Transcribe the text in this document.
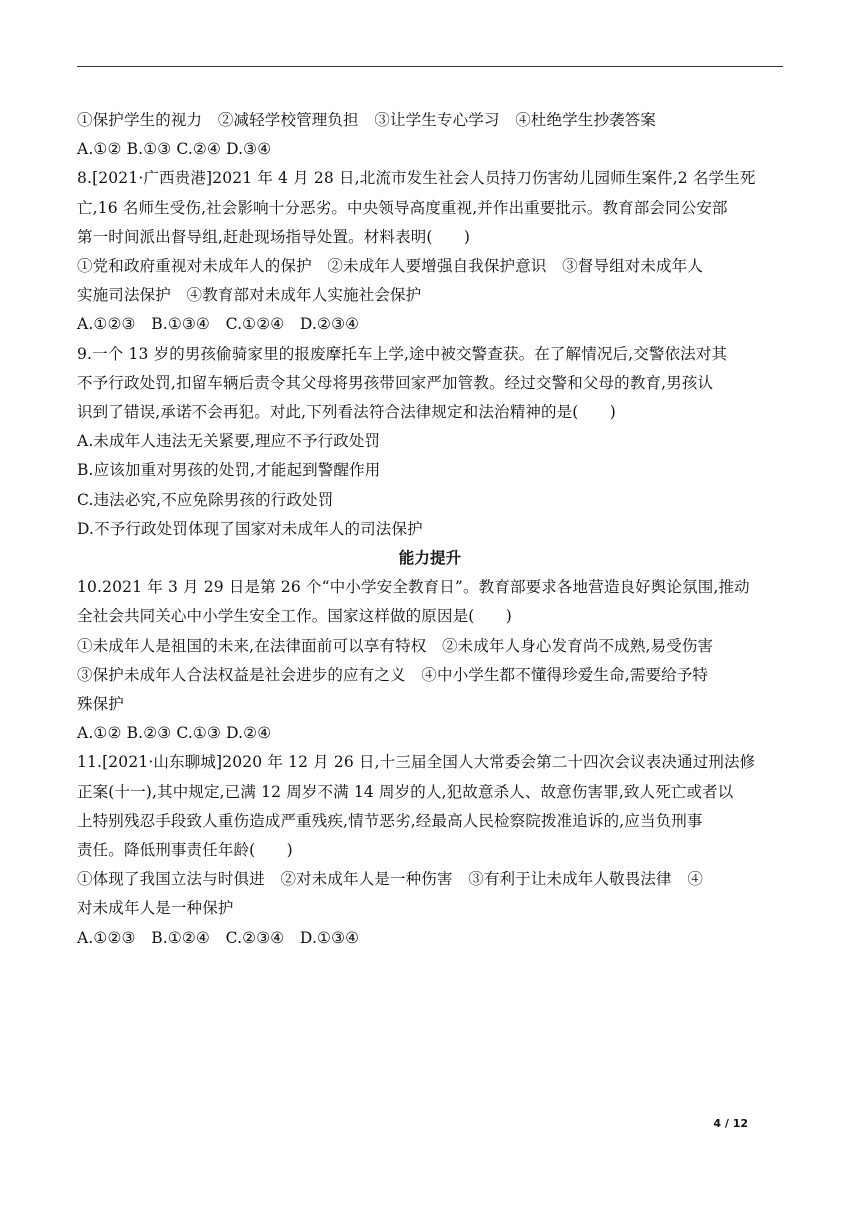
①保护学生的视力　②减轻学校管理负担　③让学生专心学习　④杜绝学生抄袭答案

A.①② B.①③ C.②④ D.③④

8.[2021·广西贵港]2021 年 4 月 28 日,北流市发生社会人员持刀伤害幼儿园师生案件,2 名学生死

亡,16 名师生受伤,社会影响十分恶劣。中央领导高度重视,并作出重要批示。教育部会同公安部

第一时间派出督导组,赶赴现场指导处置。材料表明(　　)

①党和政府重视对未成年人的保护　②未成年人要增强自我保护意识　③督导组对未成年人

实施司法保护　④教育部对未成年人实施社会保护

A.①②③　B.①③④　C.①②④　D.②③④

9.一个 13 岁的男孩偷骑家里的报废摩托车上学,途中被交警查获。在了解情况后,交警依法对其

不予行政处罚,扣留车辆后责令其父母将男孩带回家严加管教。经过交警和父母的教育,男孩认

识到了错误,承诺不会再犯。对此,下列看法符合法律规定和法治精神的是(　　)

A.未成年人违法无关紧要,理应不予行政处罚

B.应该加重对男孩的处罚,才能起到警醒作用

C.违法必究,不应免除男孩的行政处罚

D.不予行政处罚体现了国家对未成年人的司法保护

能力提升

10.2021 年 3 月 29 日是第 26 个“中小学安全教育日”。教育部要求各地营造良好舆论氛围,推动

全社会共同关心中小学生安全工作。国家这样做的原因是(　　)

①未成年人是祖国的未来,在法律面前可以享有特权　②未成年人身心发育尚不成熟,易受伤害

③保护未成年人合法权益是社会进步的应有之义　④中小学生都不懂得珍爱生命,需要给予特

殊保护

A.①② B.②③ C.①③ D.②④

11.[2021·山东聊城]2020 年 12 月 26 日,十三届全国人大常委会第二十四次会议表决通过刑法修

正案(十一),其中规定,已满 12 周岁不满 14 周岁的人,犯故意杀人、故意伤害罪,致人死亡或者以

上特别残忍手段致人重伤造成严重残疾,情节恶劣,经最高人民检察院拨准追诉的,应当负刑事

责任。降低刑事责任年龄(　　)

①体现了我国立法与时俱进　②对未成年人是一种伤害　③有利于让未成年人敬畏法律　④

对未成年人是一种保护

A.①②③　B.①②④　C.②③④　D.①③④

4 / 12
